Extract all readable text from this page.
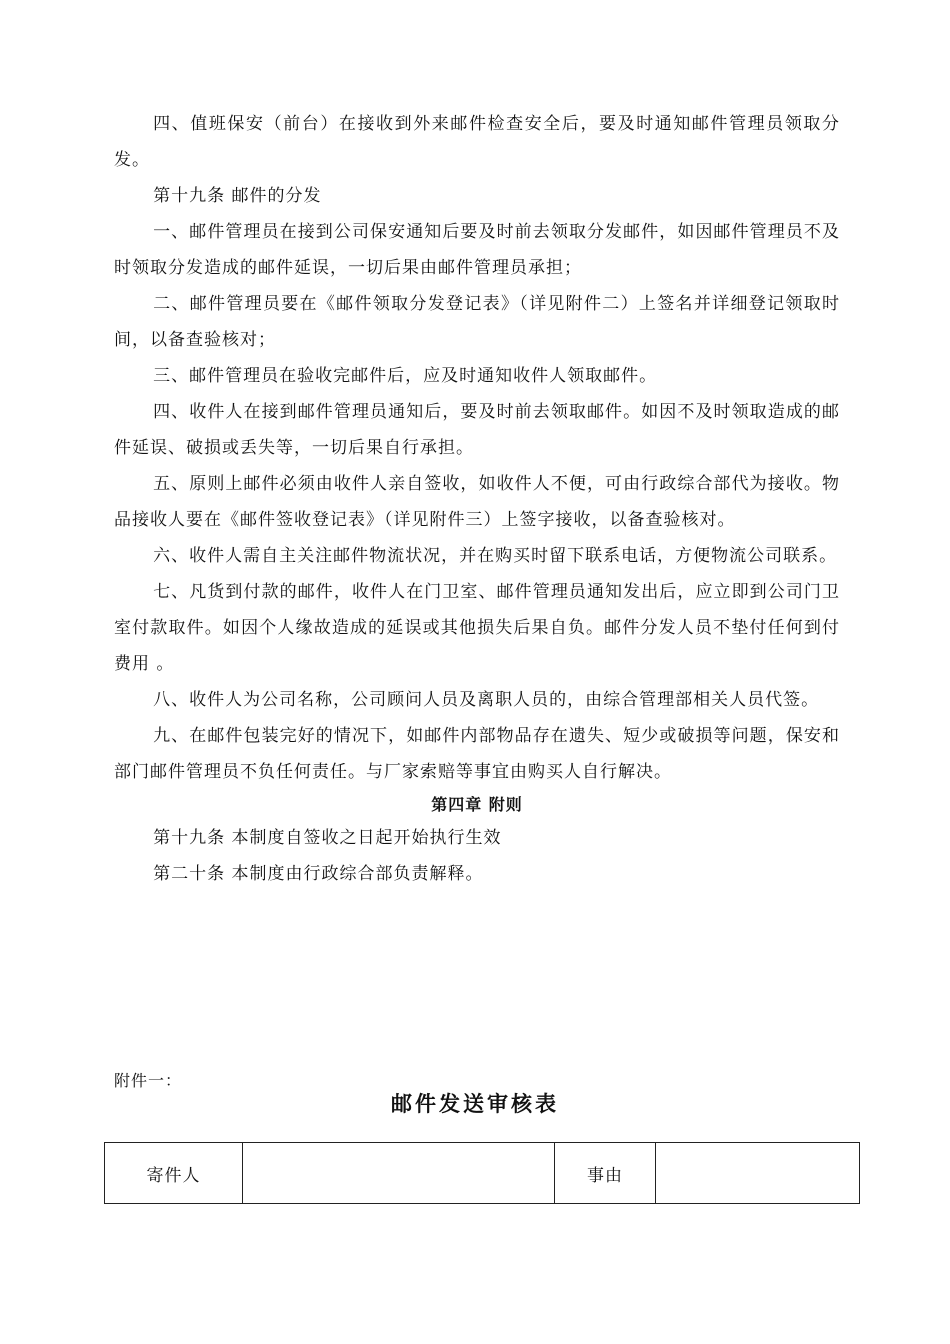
四、值班保安（前台）在接收到外来邮件检查安全后，要及时通知邮件管理员领取分发。

第十九条 邮件的分发

一、邮件管理员在接到公司保安通知后要及时前去领取分发邮件，如因邮件管理员不及时领取分发造成的邮件延误，一切后果由邮件管理员承担；

二、邮件管理员要在《邮件领取分发登记表》（详见附件二）上签名并详细登记领取时间，以备查验核对；

三、邮件管理员在验收完邮件后，应及时通知收件人领取邮件。

四、收件人在接到邮件管理员通知后，要及时前去领取邮件。如因不及时领取造成的邮件延误、破损或丢失等，一切后果自行承担。

五、原则上邮件必须由收件人亲自签收，如收件人不便，可由行政综合部代为接收。物品接收人要在《邮件签收登记表》（详见附件三）上签字接收，以备查验核对。

六、收件人需自主关注邮件物流状况，并在购买时留下联系电话，方便物流公司联系。

七、凡货到付款的邮件，收件人在门卫室、邮件管理员通知发出后，应立即到公司门卫室付款取件。如因个人缘故造成的延误或其他损失后果自负。邮件分发人员不垫付任何到付费用 。

八、收件人为公司名称，公司顾问人员及离职人员的，由综合管理部相关人员代签。

九、在邮件包装完好的情况下，如邮件内部物品存在遗失、短少或破损等问题，保安和部门邮件管理员不负任何责任。与厂家索赔等事宜由购买人自行解决。

第四章 附则

第十九条 本制度自签收之日起开始执行生效

第二十条 本制度由行政综合部负责解释。

附件一：
邮件发送审核表
寄件人		事由	
